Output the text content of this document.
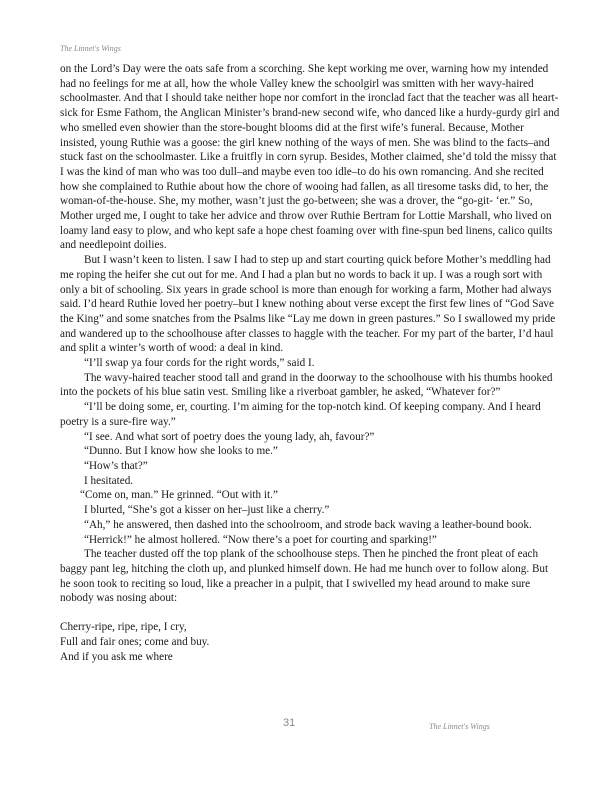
The Linnet's Wings

on the Lord’s Day were the oats safe from a scorching. She kept working me over, warning how my intended had no feelings for me at all, how the whole Valley knew the schoolgirl was smitten with her wavy-haired schoolmaster. And that I should take neither hope nor comfort in the ironclad fact that the teacher was all heart-sick for Esme Fathom, the Anglican Minister’s brand-new second wife, who danced like a hurdy-gurdy girl and who smelled even showier than the store-bought blooms did at the first wife’s funeral. Because, Mother insisted, young Ruthie was a goose: the girl knew nothing of the ways of men. She was blind to the facts–and stuck fast on the schoolmaster. Like a fruitfly in corn syrup. Besides, Mother claimed, she’d told the missy that I was the kind of man who was too dull–and maybe even too idle–to do his own romancing. And she recited how she complained to Ruthie about how the chore of wooing had fallen, as all tiresome tasks did, to her, the woman-of-the-house. She, my mother, wasn’t just the go-between; she was a drover, the “go-git- ‘er.” So, Mother urged me, I ought to take her advice and throw over Ruthie Bertram for Lottie Marshall, who lived on loamy land easy to plow, and who kept safe a hope chest foaming over with fine-spun bed linens, calico quilts and needlepoint doilies.

But I wasn’t keen to listen. I saw I had to step up and start courting quick before Mother’s meddling had me roping the heifer she cut out for me. And I had a plan but no words to back it up. I was a rough sort with only a bit of schooling. Six years in grade school is more than enough for working a farm, Mother had always said. I’d heard Ruthie loved her poetry–but I knew nothing about verse except the first few lines of “God Save the King” and some snatches from the Psalms like “Lay me down in green pastures.” So I swallowed my pride and wandered up to the schoolhouse after classes to haggle with the teacher. For my part of the barter, I’d haul and split a winter’s worth of wood: a deal in kind.

“I’ll swap ya four cords for the right words,” said I.

The wavy-haired teacher stood tall and grand in the doorway to the schoolhouse with his thumbs hooked into the pockets of his blue satin vest. Smiling like a riverboat gambler, he asked, “Whatever for?”

“I’ll be doing some, er, courting. I’m aiming for the top-notch kind. Of keeping company. And I heard poetry is a sure-fire way.”

“I see. And what sort of poetry does the young lady, ah, favour?”

“Dunno. But I know how she looks to me.”

“How’s that?”

I hesitated.

“Come on, man.” He grinned. “Out with it.”

I blurted, “She’s got a kisser on her–just like a cherry.”

“Ah,” he answered, then dashed into the schoolroom, and strode back waving a leather-bound book.

“Herrick!” he almost hollered. “Now there’s a poet for courting and sparking!”

The teacher dusted off the top plank of the schoolhouse steps. Then he pinched the front pleat of each baggy pant leg, hitching the cloth up, and plunked himself down. He had me hunch over to follow along. But he soon took to reciting so loud, like a preacher in a pulpit, that I swivelled my head around to make sure nobody was nosing about:

Cherry-ripe, ripe, ripe, I cry,
Full and fair ones; come and buy.
And if you ask me where
31	The Linnet's Wings
